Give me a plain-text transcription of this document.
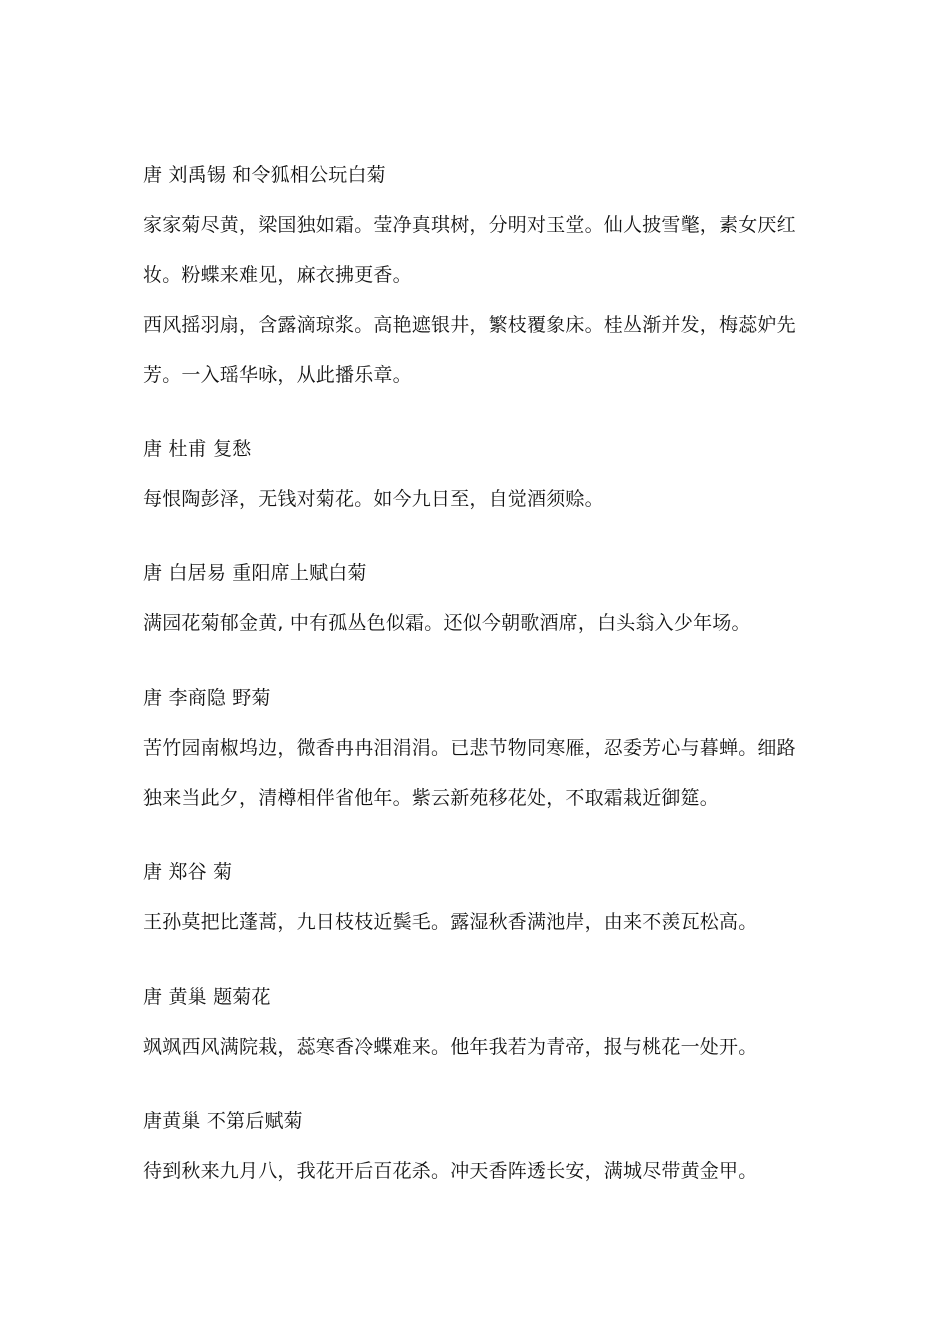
唐 刘禹锡 和令狐相公玩白菊
家家菊尽黄，梁国独如霜。莹净真琪树，分明对玉堂。仙人披雪氅，素女厌红
妆。粉蝶来难见，麻衣拂更香。
西风摇羽扇，含露滴琼浆。高艳遮银井，繁枝覆象床。桂丛渐并发，梅蕊妒先
芳。一入瑶华咏，从此播乐章。
唐 杜甫 复愁
每恨陶彭泽，无钱对菊花。如今九日至，自觉酒须赊。
唐 白居易 重阳席上赋白菊
满园花菊郁金黄, 中有孤丛色似霜。还似今朝歌酒席，白头翁入少年场。
唐 李商隐 野菊
苦竹园南椒坞边，微香冉冉泪涓涓。已悲节物同寒雁，忍委芳心与暮蝉。细路
独来当此夕，清樽相伴省他年。紫云新苑移花处，不取霜栽近御筵。
唐 郑谷 菊
王孙莫把比蓬蒿，九日枝枝近鬓毛。露湿秋香满池岸，由来不羡瓦松高。
唐 黄巢 题菊花
飒飒西风满院栽，蕊寒香冷蝶难来。他年我若为青帝，报与桃花一处开。
唐黄巢 不第后赋菊
待到秋来九月八，我花开后百花杀。冲天香阵透长安，满城尽带黄金甲。
